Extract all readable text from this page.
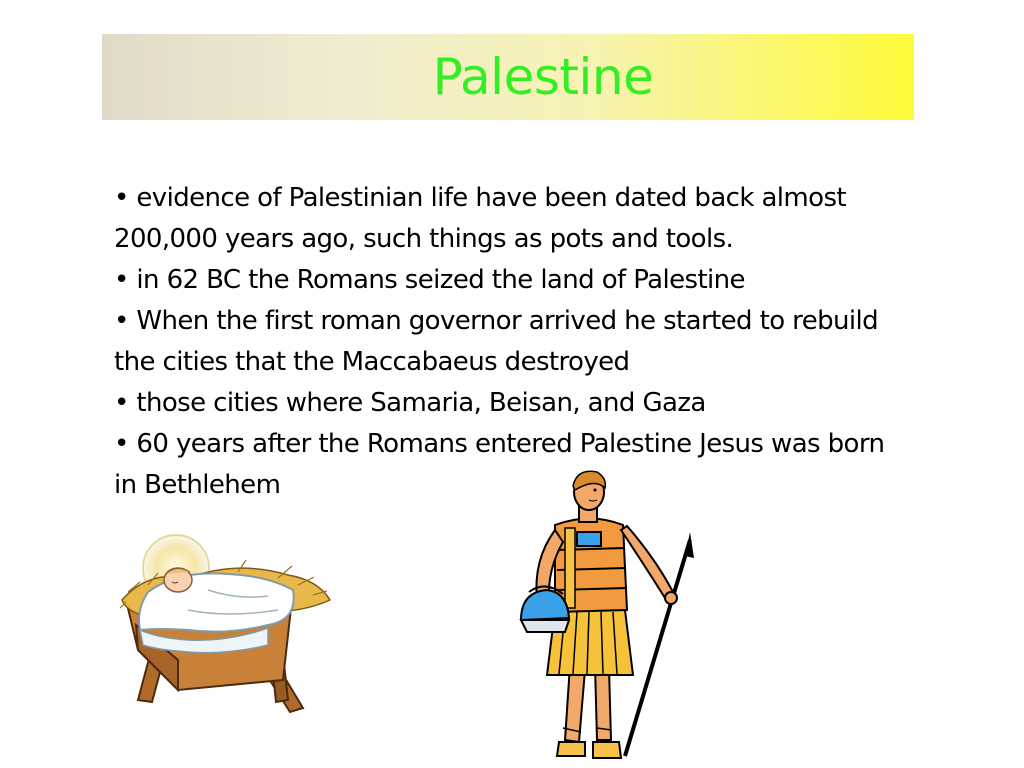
Palestine

• evidence of Palestinian life have been dated back almost 200,000 years ago, such things as pots and tools.

• in 62 BC the Romans seized the land of Palestine

• When the first roman governor arrived he started to rebuild the cities that the Maccabaeus destroyed

• those cities where Samaria, Beisan, and Gaza

• 60 years after the Romans entered Palestine Jesus was born in Bethlehem
